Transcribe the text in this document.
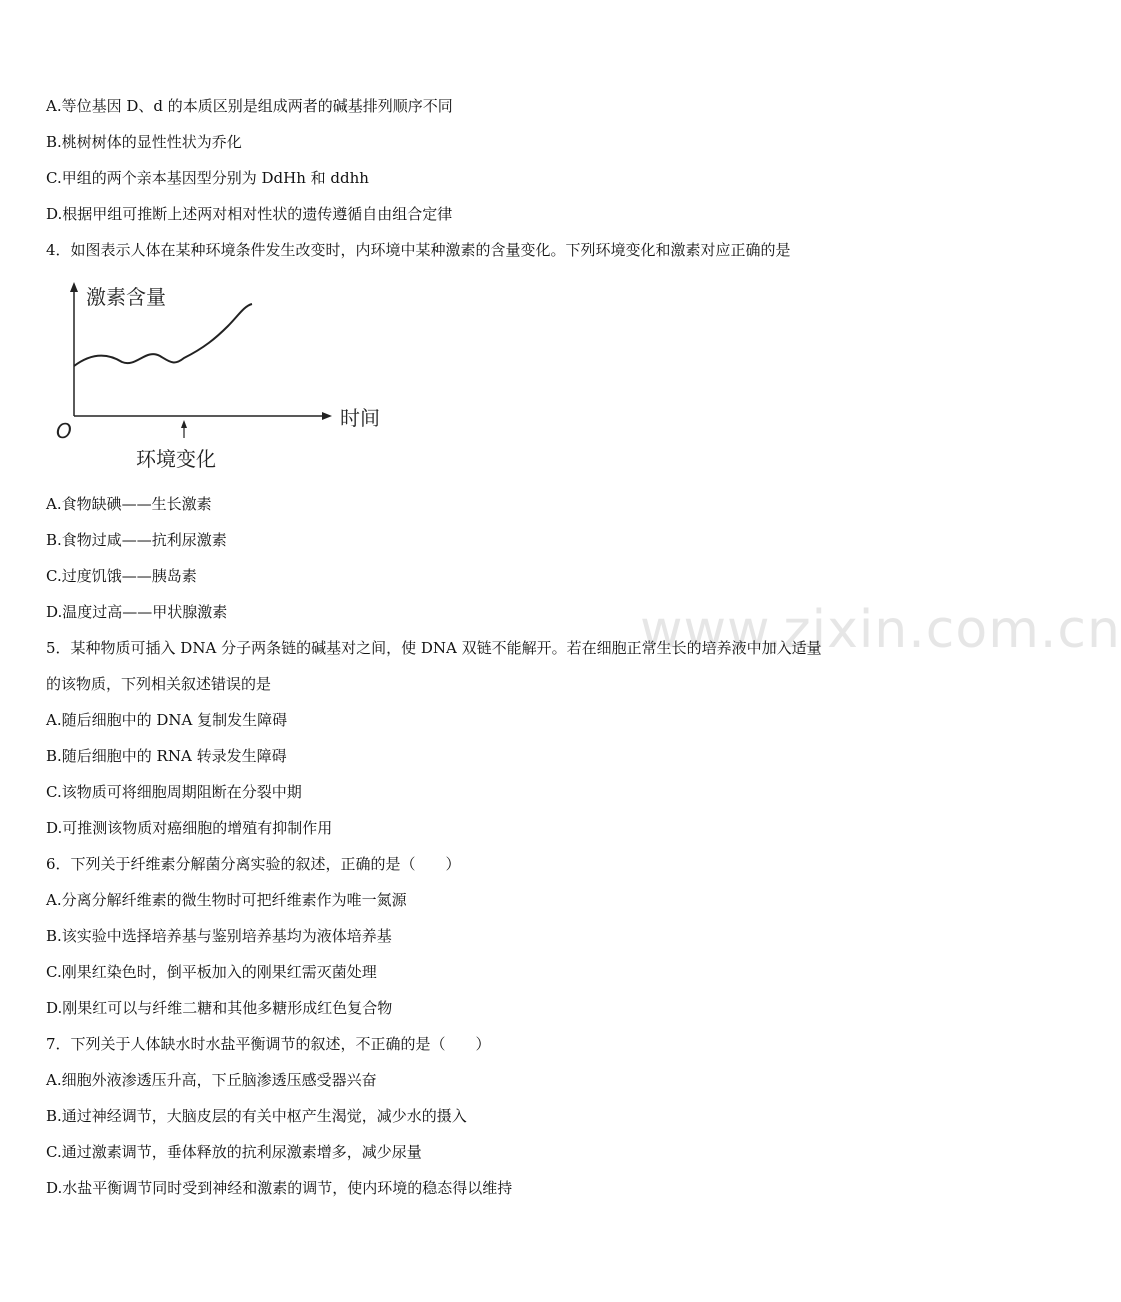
A.等位基因 D、d 的本质区别是组成两者的碱基排列顺序不同
B.桃树树体的显性性状为乔化
C.甲组的两个亲本基因型分别为 DdHh 和 ddhh
D.根据甲组可推断上述两对相对性状的遗传遵循自由组合定律
4．如图表示人体在某种环境条件发生改变时，内环境中某种激素的含量变化。下列环境变化和激素对应正确的是
激素含量
时间
O
环境变化
A.食物缺碘——生长激素
B.食物过咸——抗利尿激素
C.过度饥饿——胰岛素
D.温度过高——甲状腺激素	www.zixin.com.cn
5．某种物质可插入 DNA 分子两条链的碱基对之间，使 DNA 双链不能解开。若在细胞正常生长的培养液中加入适量
的该物质，下列相关叙述错误的是
A.随后细胞中的 DNA 复制发生障碍
B.随后细胞中的 RNA 转录发生障碍
C.该物质可将细胞周期阻断在分裂中期
D.可推测该物质对癌细胞的增殖有抑制作用
6．下列关于纤维素分解菌分离实验的叙述，正确的是（　　）
A.分离分解纤维素的微生物时可把纤维素作为唯一氮源
B.该实验中选择培养基与鉴别培养基均为液体培养基
C.刚果红染色时，倒平板加入的刚果红需灭菌处理
D.刚果红可以与纤维二糖和其他多糖形成红色复合物
7．下列关于人体缺水时水盐平衡调节的叙述，不正确的是（　　）
A.细胞外液渗透压升高，下丘脑渗透压感受器兴奋
B.通过神经调节，大脑皮层的有关中枢产生渴觉，减少水的摄入
C.通过激素调节，垂体释放的抗利尿激素增多，减少尿量
D.水盐平衡调节同时受到神经和激素的调节，使内环境的稳态得以维持
